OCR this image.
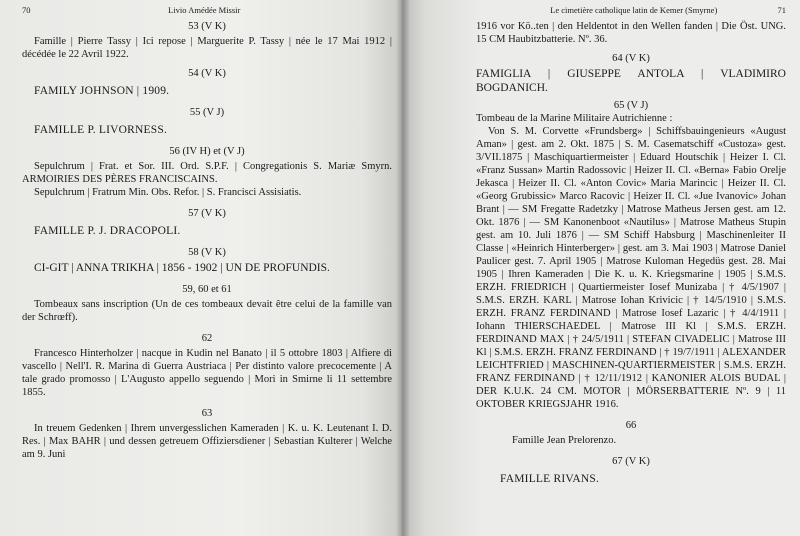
70	Livio Amédée Missir
53 (V K)

Famille | Pierre Tassy | Ici repose | Marguerite P. Tassy | née le 17 Mai 1912 | décédée le 22 Avril 1922.

54 (V K)

FAMILY JOHNSON | 1909.

55 (V J)

FAMILLE P. LIVORNESS.

56 (IV H) et (V J)

Sepulchrum | Frat. et Sor. III. Ord. S.P.F. | Congregationis S. Mariæ Smyrn. ARMOIRIES DES PÈRES FRANCISCAINS.

Sepulchrum | Fratrum Min. Obs. Refor. | S. Francisci Assisiatis.

57 (V K)

FAMILLE P. J. DRACOPOLI.

58 (V K)

CI-GIT | ANNA TRIKHA | 1856 - 1902 | UN DE PROFUNDIS.

59, 60 et 61

Tombeaux sans inscription (Un de ces tombeaux devait être celui de la famille van der Schrœff).

62

Francesco Hinterholzer | nacque in Kudin nel Banato | il 5 ottobre 1803 | Alfiere di vascello | Nell'I. R. Marina di Guerra Austriaca | Per distinto valore precocemente | A tale grado promosso | L'Augusto appello seguendo | Mori in Smirne li 11 settembre 1855.

63

In treuem Gedenken | Ihrem unvergesslichen Kameraden | K. u. K. Leutenant I. D. Res. | Max BAHR | und dessen getreuem Offiziersdiener | Sebastian Kulterer | Welche am 9. Juni

Le cimetière catholique latin de Kemer (Smyrne)	71

1916 vor Kö..ten | den Heldentot in den Wellen fanden | Die Öst. UNG. 15 CM Haubitzbatterie. Nº. 36.

64 (V K)

FAMIGLIA | GIUSEPPE ANTOLA | VLADIMIRO BOGDANICH.

65 (V J)

Tombeau de la Marine Militaire Autrichienne :

Von S. M. Corvette «Frundsberg» | Schiffsbauingenieurs «August Aman» | gest. am 2. Okt. 1875 | S. M. Casematschiff «Custoza» gest. 3/VII.1875 | Maschiquartiermeister | Eduard Houtschik | Heizer I. Cl. «Franz Sussan» Martin Radossovic | Heizer II. Cl. «Berna» Fabio Orelje Jekasca | Heizer II. Cl. «Anton Covic» Maria Marincic | Heizer II. Cl. «Georg Grubissic» Marco Racovic | Heizer II. Cl. «Jue Ivanovic» Johan Brant | — SM Fregatte Radetzky | Matrose Matheus Jersen gest. am 12. Okt. 1876 | — SM Kanonenboot «Nautilus» | Matrose Matheus Stupin gest. am 10. Juli 1876 | — SM Schiff Habsburg | Maschinenleiter II Classe | «Heinrich Hinterberger» | gest. am 3. Mai 1903 | Matrose Daniel Paulicer gest. 7. April 1905 | Matrose Kuloman Hegedüs gest. 28. Mai 1905 | Ihren Kameraden | Die K. u. K. Kriegsmarine | 1905 | S.M.S. ERZH. FRIEDRICH | Quartiermeister Iosef Munizaba | † 4/5/1907 | S.M.S. ERZH. KARL | Matrose Iohan Krivicic | † 14/5/1910 | S.M.S. ERZH. FRANZ FERDINAND | Matrose Iosef Lazaric | † 4/4/1911 | Iohann THIERSCHAEDEL | Matrose III Kl | S.M.S. ERZH. FERDINAND MAX | † 24/5/1911 | STEFAN CIVADELIC | Matrose III Kl | S.M.S. ERZH. FRANZ FERDINAND | † 19/7/1911 | ALEXANDER LEICHTFRIED | MASCHINEN-QUARTIERMEISTER | S.M.S. ERZH. FRANZ FERDINAND | † 12/11/1912 | KANONIER ALOIS BUDAL | DER K.U.K. 24 CM. MOTOR | MÖRSERBATTERIE Nº. 9 | 11 OKTOBER KRIEGSJAHR 1916.

66

Famille Jean Prelorenzo.

67 (V K)

FAMILLE RIVANS.
